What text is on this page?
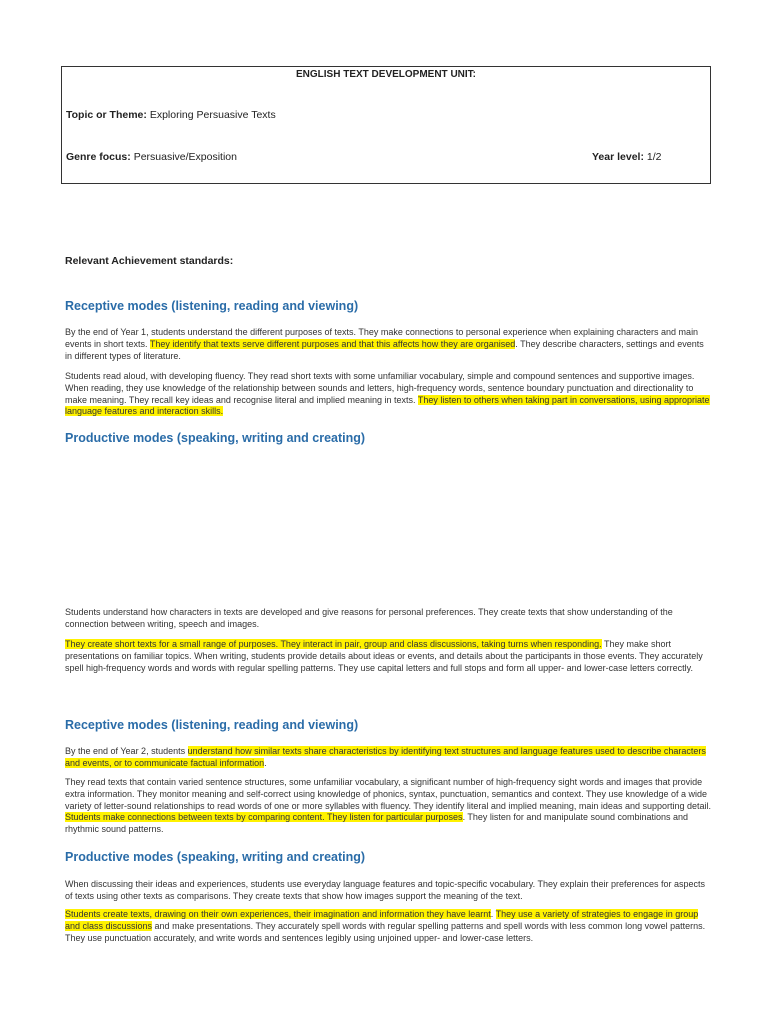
ENGLISH TEXT DEVELOPMENT UNIT:
Topic or Theme: Exploring Persuasive Texts
Genre focus: Persuasive/Exposition	Year level: 1/2
Relevant Achievement standards:
Receptive modes (listening, reading and viewing)

By the end of Year 1, students understand the different purposes of texts. They make connections to personal experience when explaining characters and main events in short texts. They identify that texts serve different purposes and that this affects how they are organised. They describe characters, settings and events in different types of literature.

Students read aloud, with developing fluency. They read short texts with some unfamiliar vocabulary, simple and compound sentences and supportive images. When reading, they use knowledge of the relationship between sounds and letters, high-frequency words, sentence boundary punctuation and directionality to make meaning. They recall key ideas and recognise literal and implied meaning in texts. They listen to others when taking part in conversations, using appropriate language features and interaction skills.

Productive modes (speaking, writing and creating)

Students understand how characters in texts are developed and give reasons for personal preferences. They create texts that show understanding of the connection between writing, speech and images.

They create short texts for a small range of purposes. They interact in pair, group and class discussions, taking turns when responding. They make short presentations on familiar topics. When writing, students provide details about ideas or events, and details about the participants in those events. They accurately spell high-frequency words and words with regular spelling patterns. They use capital letters and full stops and form all upper- and lower-case letters correctly.

Receptive modes (listening, reading and viewing)

By the end of Year 2, students understand how similar texts share characteristics by identifying text structures and language features used to describe characters and events, or to communicate factual information.

They read texts that contain varied sentence structures, some unfamiliar vocabulary, a significant number of high-frequency sight words and images that provide extra information. They monitor meaning and self-correct using knowledge of phonics, syntax, punctuation, semantics and context. They use knowledge of a wide variety of letter-sound relationships to read words of one or more syllables with fluency. They identify literal and implied meaning, main ideas and supporting detail. Students make connections between texts by comparing content. They listen for particular purposes. They listen for and manipulate sound combinations and rhythmic sound patterns.

Productive modes (speaking, writing and creating)

When discussing their ideas and experiences, students use everyday language features and topic-specific vocabulary. They explain their preferences for aspects of texts using other texts as comparisons. They create texts that show how images support the meaning of the text.

Students create texts, drawing on their own experiences, their imagination and information they have learnt. They use a variety of strategies to engage in group and class discussions and make presentations. They accurately spell words with regular spelling patterns and spell words with less common long vowel patterns. They use punctuation accurately, and write words and sentences legibly using unjoined upper- and lower-case letters.
